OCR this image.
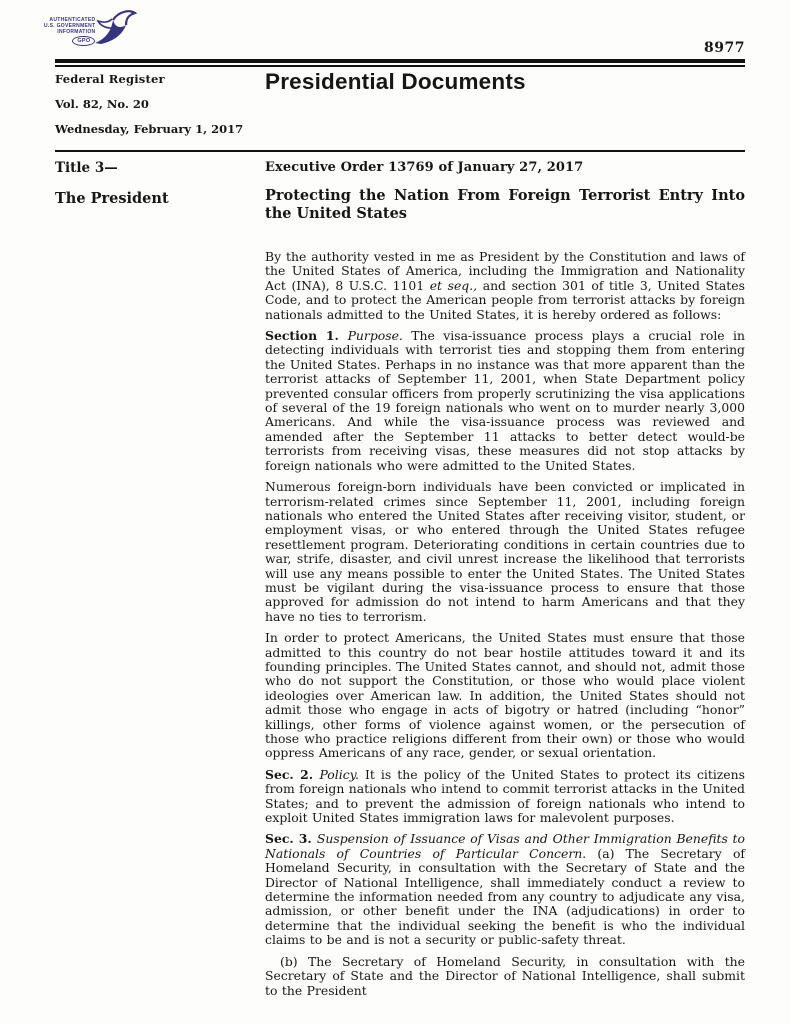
AUTHENTICATED
U.S. GOVERNMENT
INFORMATION
GPO	8977
Federal Register
Vol. 82, No. 20
Wednesday, February 1, 2017
Presidential Documents
Title 3—
The President
Executive Order 13769 of January 27, 2017
Protecting the Nation From Foreign Terrorist Entry Into the United States

By the authority vested in me as President by the Constitution and laws of the United States of America, including the Immigration and Nationality Act (INA), 8 U.S.C. 1101 et seq., and section 301 of title 3, United States Code, and to protect the American people from terrorist attacks by foreign nationals admitted to the United States, it is hereby ordered as follows:

Section 1. Purpose. The visa-issuance process plays a crucial role in detecting individuals with terrorist ties and stopping them from entering the United States. Perhaps in no instance was that more apparent than the terrorist attacks of September 11, 2001, when State Department policy prevented consular officers from properly scrutinizing the visa applications of several of the 19 foreign nationals who went on to murder nearly 3,000 Americans. And while the visa-issuance process was reviewed and amended after the September 11 attacks to better detect would-be terrorists from receiving visas, these measures did not stop attacks by foreign nationals who were admitted to the United States.

Numerous foreign-born individuals have been convicted or implicated in terrorism-related crimes since September 11, 2001, including foreign nationals who entered the United States after receiving visitor, student, or employment visas, or who entered through the United States refugee resettlement program. Deteriorating conditions in certain countries due to war, strife, disaster, and civil unrest increase the likelihood that terrorists will use any means possible to enter the United States. The United States must be vigilant during the visa-issuance process to ensure that those approved for admission do not intend to harm Americans and that they have no ties to terrorism.

In order to protect Americans, the United States must ensure that those admitted to this country do not bear hostile attitudes toward it and its founding principles. The United States cannot, and should not, admit those who do not support the Constitution, or those who would place violent ideologies over American law. In addition, the United States should not admit those who engage in acts of bigotry or hatred (including “honor” killings, other forms of violence against women, or the persecution of those who practice religions different from their own) or those who would oppress Americans of any race, gender, or sexual orientation.

Sec. 2. Policy. It is the policy of the United States to protect its citizens from foreign nationals who intend to commit terrorist attacks in the United States; and to prevent the admission of foreign nationals who intend to exploit United States immigration laws for malevolent purposes.

Sec. 3. Suspension of Issuance of Visas and Other Immigration Benefits to Nationals of Countries of Particular Concern. (a) The Secretary of Homeland Security, in consultation with the Secretary of State and the Director of National Intelligence, shall immediately conduct a review to determine the information needed from any country to adjudicate any visa, admission, or other benefit under the INA (adjudications) in order to determine that the individual seeking the benefit is who the individual claims to be and is not a security or public-safety threat.

(b) The Secretary of Homeland Security, in consultation with the Secretary of State and the Director of National Intelligence, shall submit to the President
